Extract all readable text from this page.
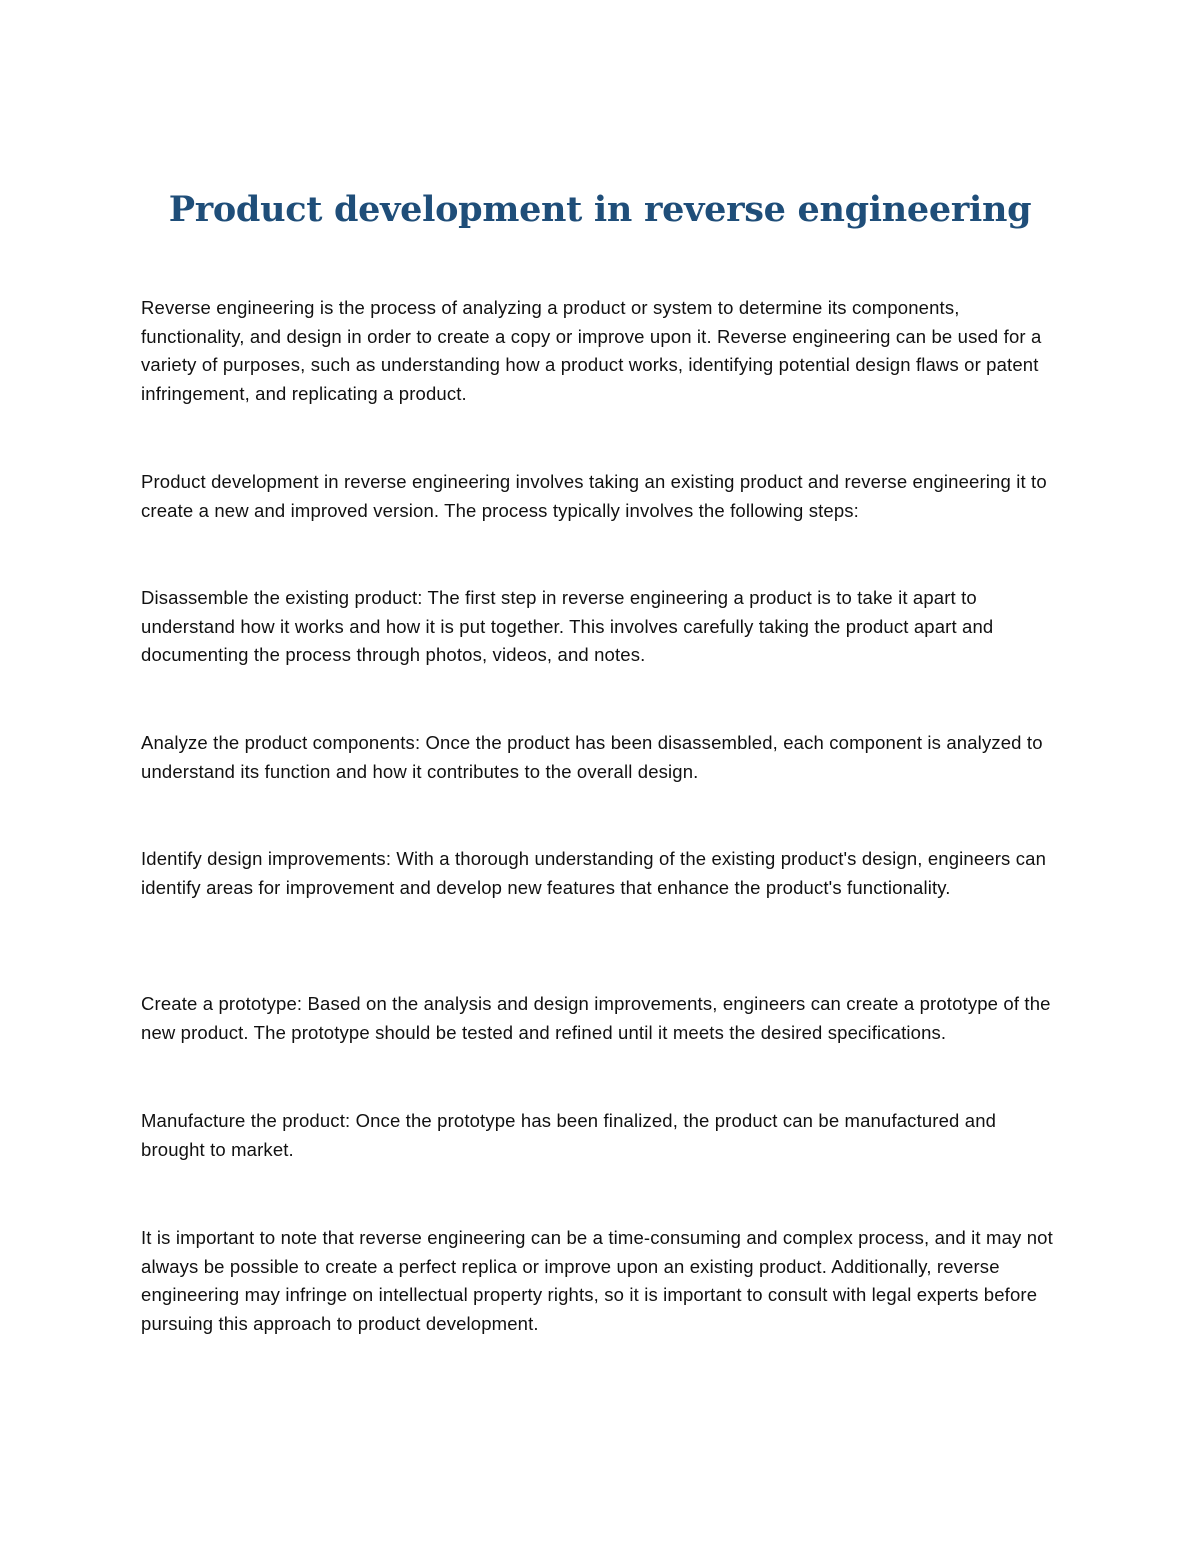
Product development in reverse engineering

Reverse engineering is the process of analyzing a product or system to determine its components, functionality, and design in order to create a copy or improve upon it. Reverse engineering can be used for a variety of purposes, such as understanding how a product works, identifying potential design flaws or patent infringement, and replicating a product.

Product development in reverse engineering involves taking an existing product and reverse engineering it to create a new and improved version. The process typically involves the following steps:

Disassemble the existing product: The first step in reverse engineering a product is to take it apart to understand how it works and how it is put together. This involves carefully taking the product apart and documenting the process through photos, videos, and notes.

Analyze the product components: Once the product has been disassembled, each component is analyzed to understand its function and how it contributes to the overall design.

Identify design improvements: With a thorough understanding of the existing product's design, engineers can identify areas for improvement and develop new features that enhance the product's functionality.

Create a prototype: Based on the analysis and design improvements, engineers can create a prototype of the new product. The prototype should be tested and refined until it meets the desired specifications.

Manufacture the product: Once the prototype has been finalized, the product can be manufactured and brought to market.

It is important to note that reverse engineering can be a time-consuming and complex process, and it may not always be possible to create a perfect replica or improve upon an existing product. Additionally, reverse engineering may infringe on intellectual property rights, so it is important to consult with legal experts before pursuing this approach to product development.
